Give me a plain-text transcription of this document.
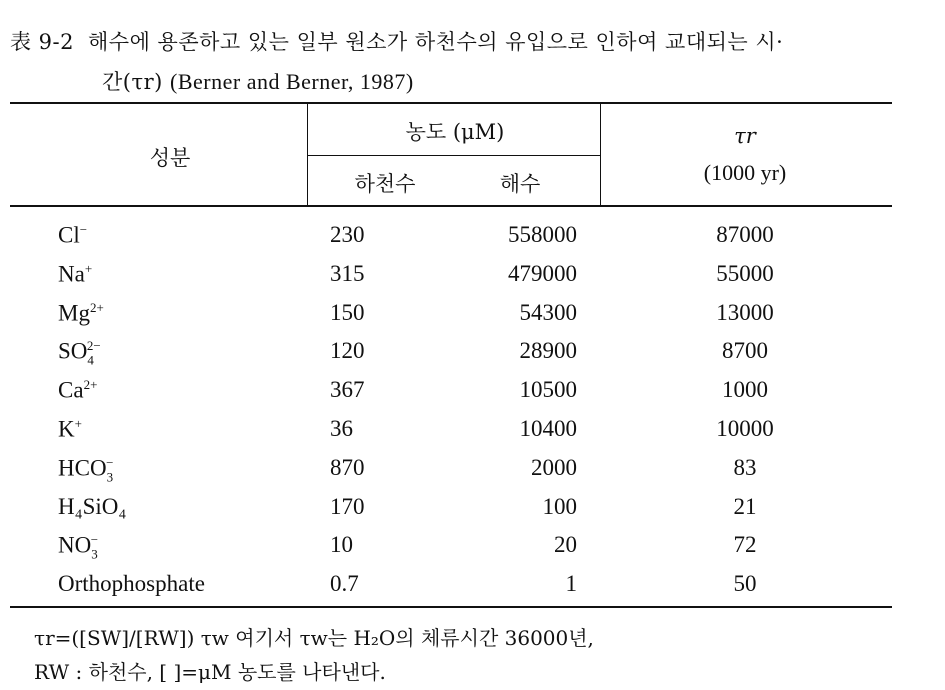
表 9-2 해수에 용존하고 있는 일부 원소가 하천수의 유입으로 인하여 교대되는 시·
간(τr) (Berner and Berner, 1987)
성분
농도 (μM)
하천수	해수
τr
(1000 yr)
Cl−	230	558000	87000
Na+	315	479000	55000
$Mg^{2+}$	150	54300	13000
$SO_4^{2-}$	120	28900	8700
$Ca^{2+}$	367	10500	1000
K+	36	10400	10000
$HCO_3^-$	870	2000	83
H₄SiO₄	170	100	21
$NO_3^-$	10	20	72
Orthophosphate	0.7	1	50
τr=([SW]/[RW]) τw 여기서 τw는 H₂O의 체류시간 36000년,
RW : 하천수, [ ]=μM 농도를 나타낸다.
